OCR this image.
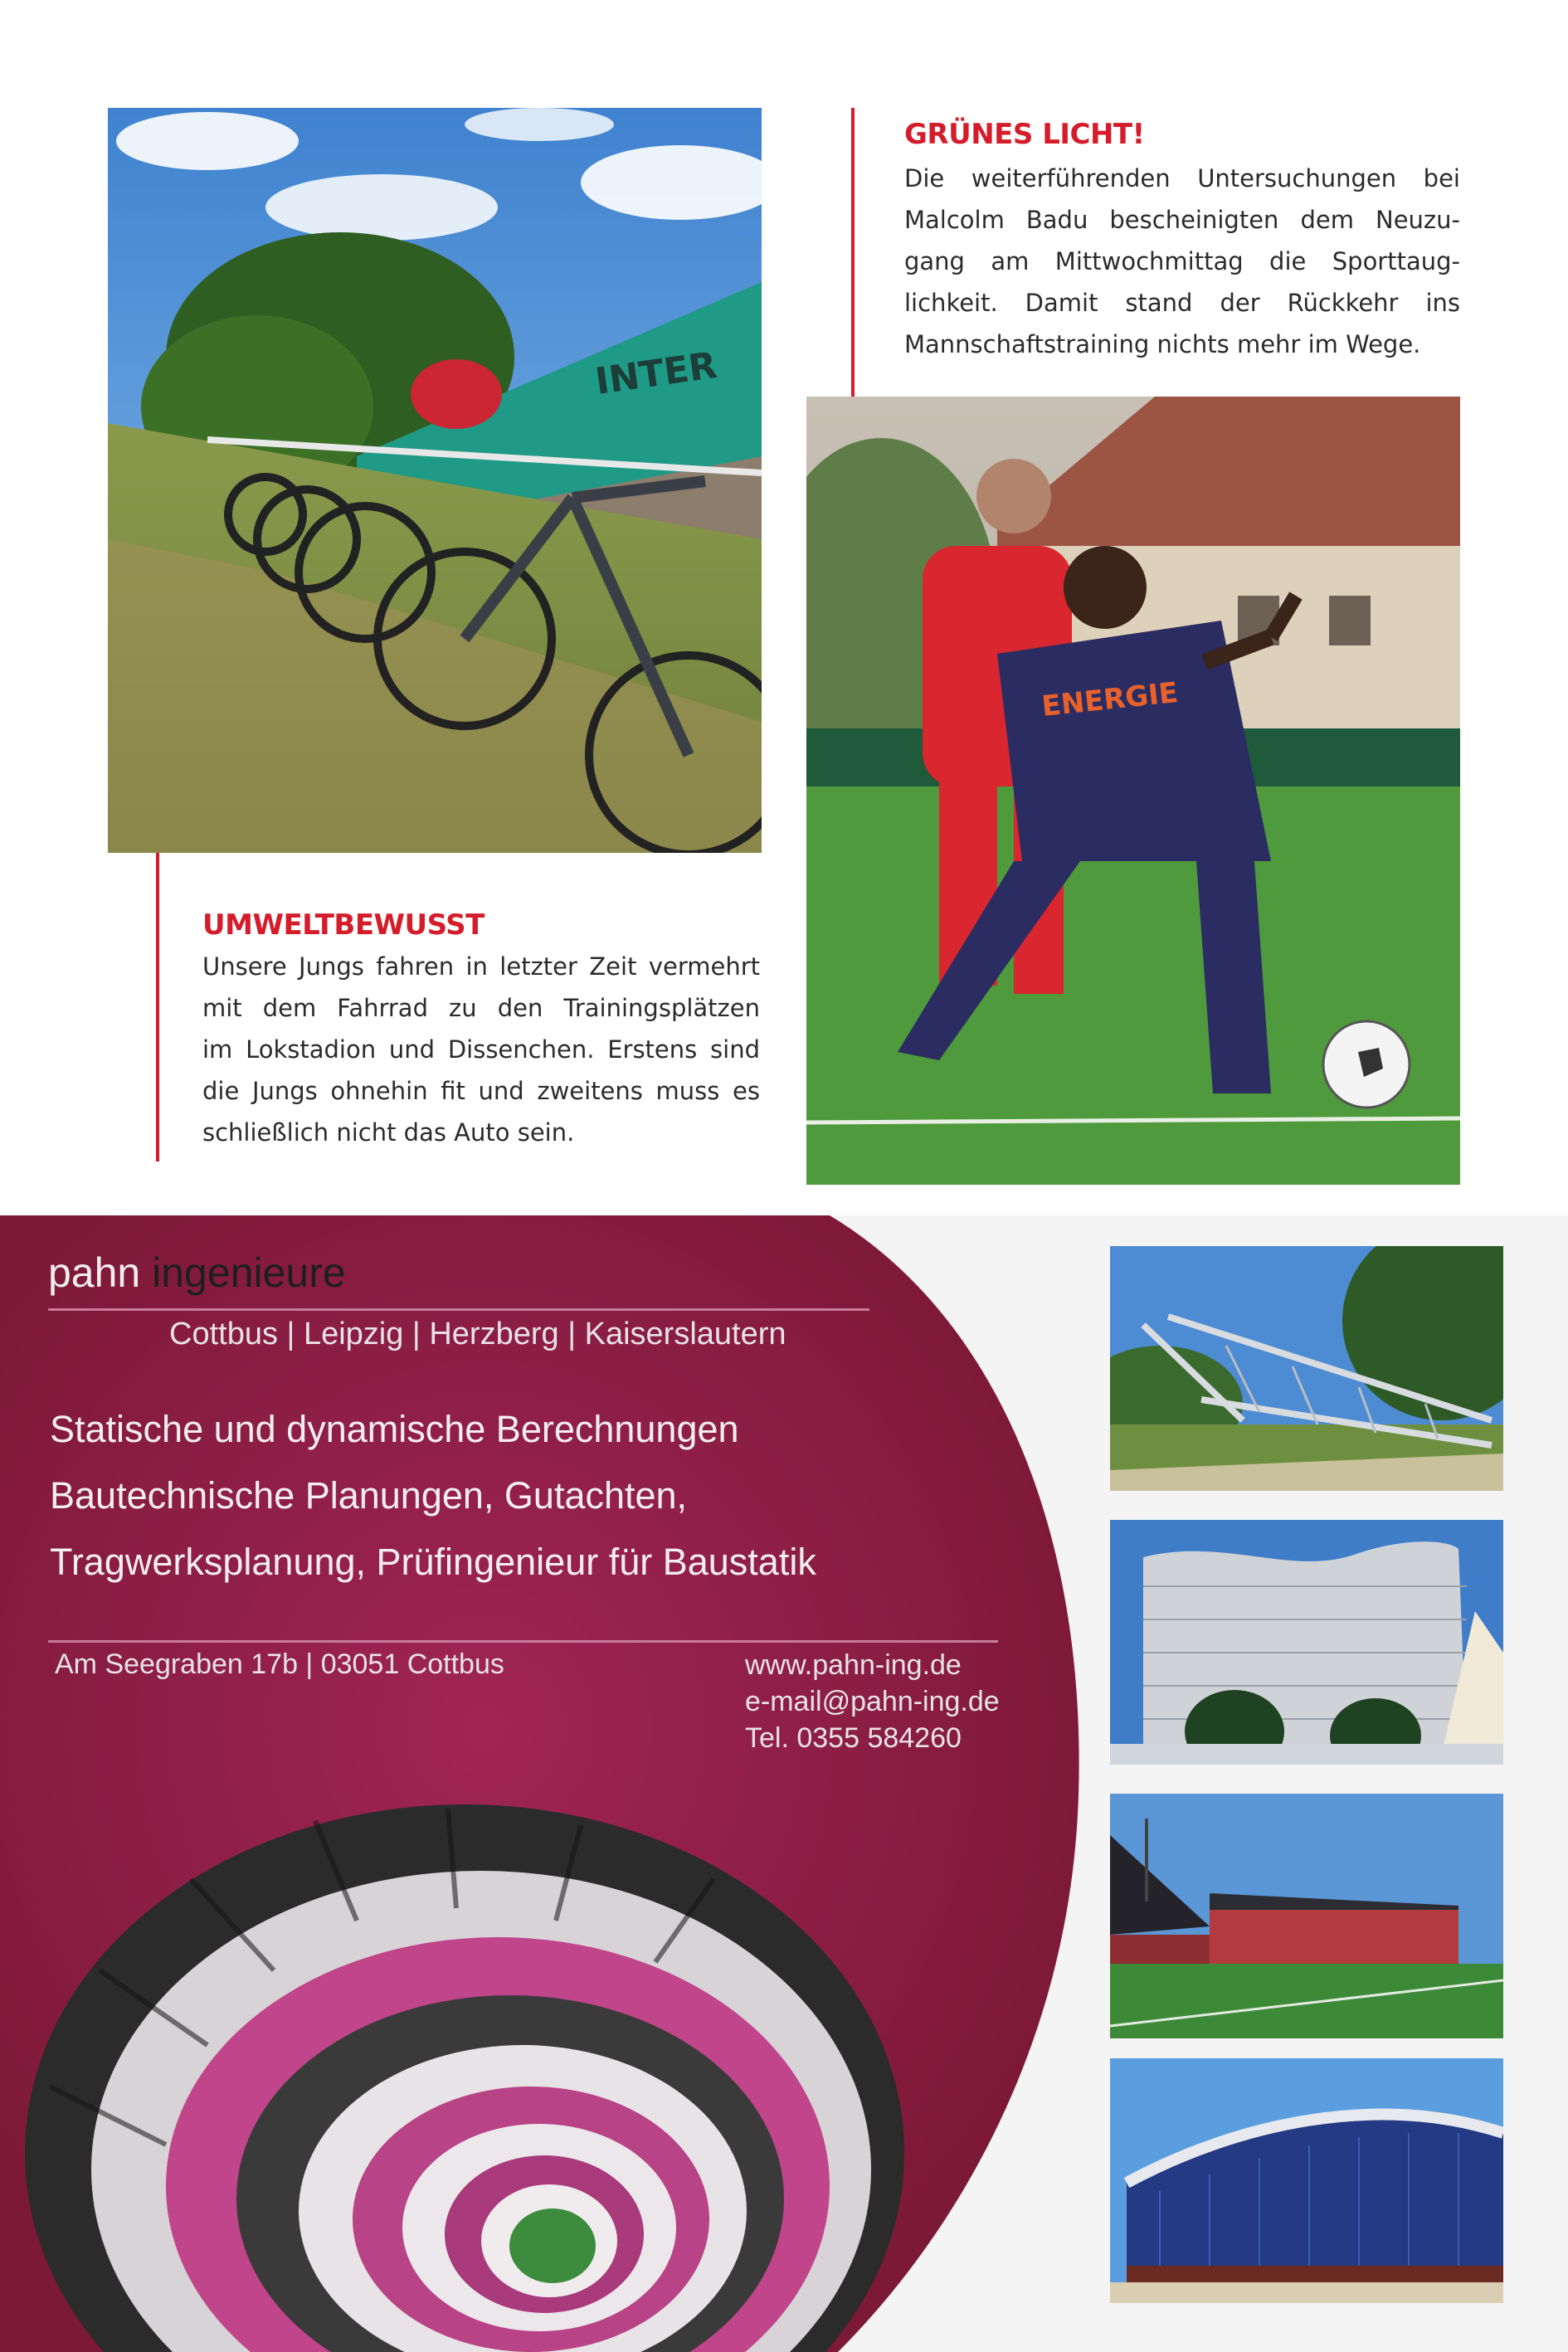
INTER
GRÜNES LICHT!
Die weiterführenden Untersuchungen bei
Malcolm Badu bescheinigten dem Neuzu-
gang am Mittwochmittag die Sporttaug-
lichkeit. Damit stand der Rückkehr ins
Mannschaftstraining nichts mehr im Wege.
ENERGIE
UMWELTBEWUSST
Unsere Jungs fahren in letzter Zeit vermehrt
mit dem Fahrrad zu den Trainingsplätzen
im Lokstadion und Dissenchen. Erstens sind
die Jungs ohnehin fit und zweitens muss es
schließlich nicht das Auto sein.
pahn ingenieure
Cottbus | Leipzig | Herzberg | Kaiserslautern
Statische und dynamische Berechnungen
Bautechnische Planungen, Gutachten,
Tragwerksplanung, Prüfingenieur für Baustatik
Am Seegraben 17b | 03051 Cottbus	www.pahn-ing.de
e-mail@pahn-ing.de
Tel. 0355 584260
